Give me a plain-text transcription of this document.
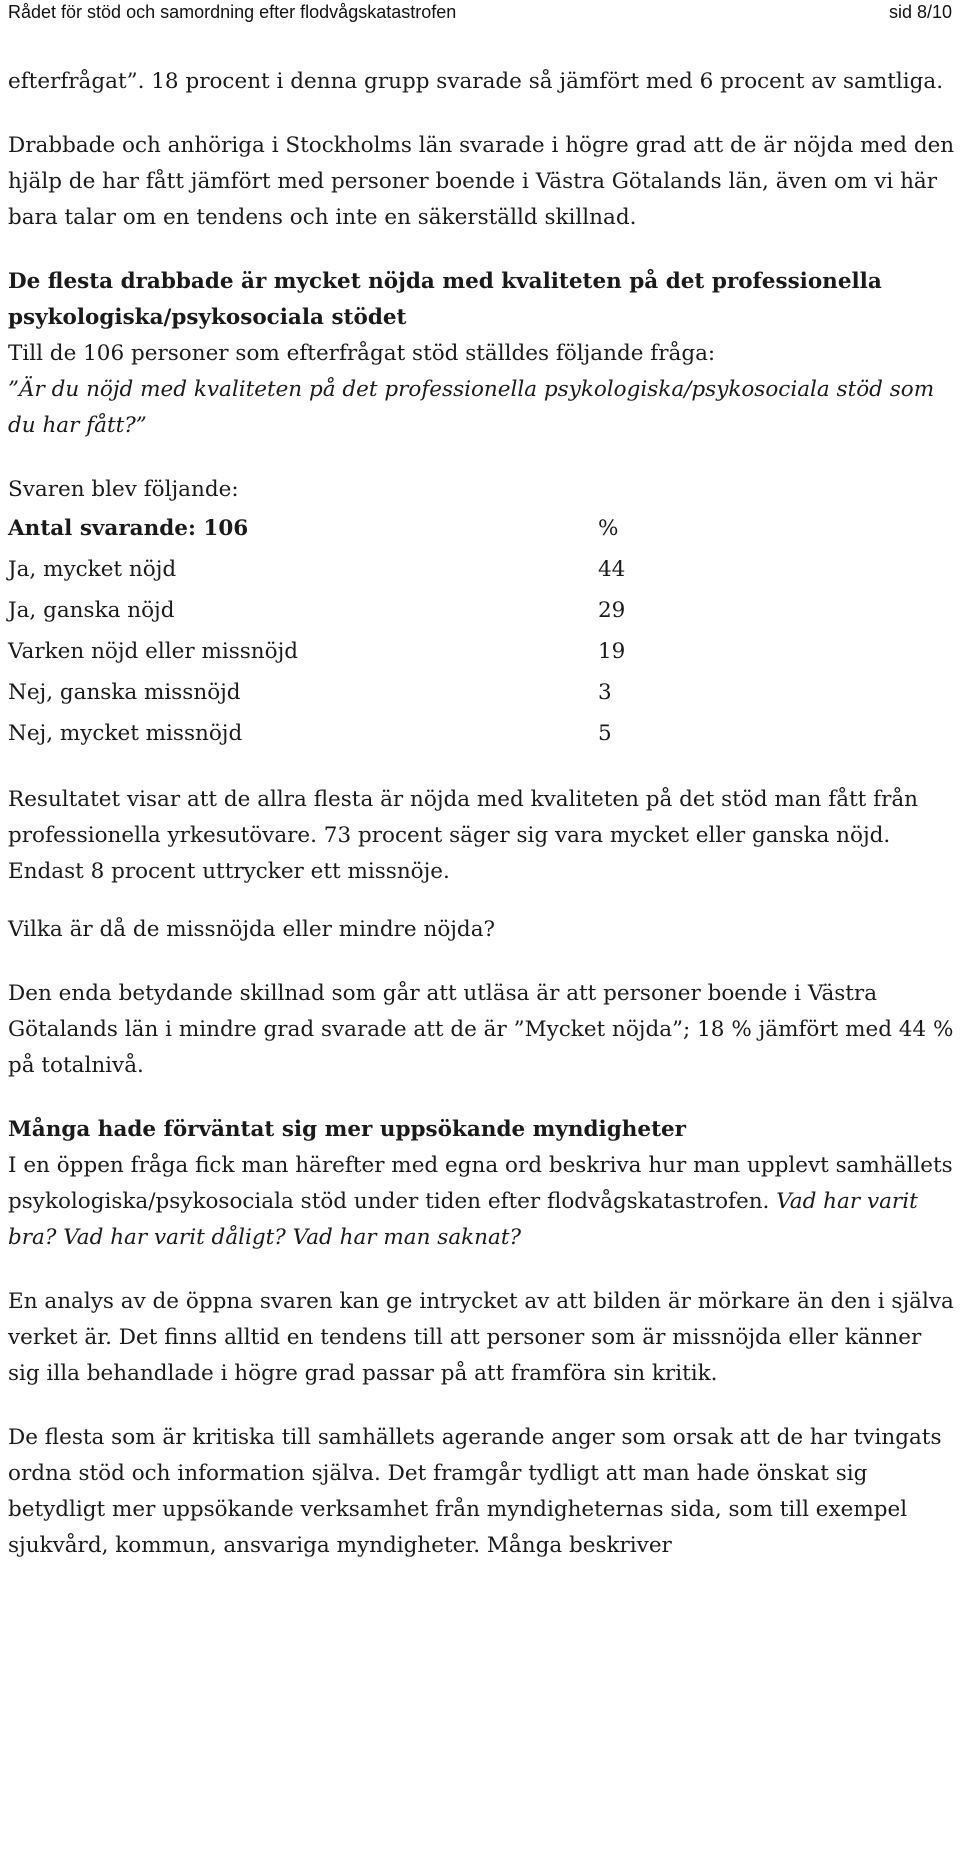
Rådet för stöd och samordning efter flodvågskatastrofen	sid 8/10

efterfrågat”. 18 procent i denna grupp svarade så jämfört med 6 procent av samtliga.

Drabbade och anhöriga i Stockholms län svarade i högre grad att de är nöjda med den hjälp de har fått jämfört med personer boende i Västra Götalands län, även om vi här bara talar om en tendens och inte en säkerställd skillnad.

De flesta drabbade är mycket nöjda med kvaliteten på det professionella psykologiska/psykosociala stödet

Till de 106 personer som efterfrågat stöd ställdes följande fråga:

”Är du nöjd med kvaliteten på det professionella psykologiska/psykosociala stöd som du har fått?”

Svaren blev följande:

Antal svarande: 106	%
Ja, mycket nöjd	44
Ja, ganska nöjd	29
Varken nöjd eller missnöjd	19
Nej, ganska missnöjd	3
Nej, mycket missnöjd	5

Resultatet visar att de allra flesta är nöjda med kvaliteten på det stöd man fått från professionella yrkesutövare. 73 procent säger sig vara mycket eller ganska nöjd. Endast 8 procent uttrycker ett missnöje.

Vilka är då de missnöjda eller mindre nöjda?

Den enda betydande skillnad som går att utläsa är att personer boende i Västra Götalands län i mindre grad svarade att de är ”Mycket nöjda”; 18 % jämfört med 44 % på totalnivå.

Många hade förväntat sig mer uppsökande myndigheter

I en öppen fråga fick man härefter med egna ord beskriva hur man upplevt samhällets psykologiska/psykosociala stöd under tiden efter flodvågskatastrofen. Vad har varit bra? Vad har varit dåligt? Vad har man saknat?

En analys av de öppna svaren kan ge intrycket av att bilden är mörkare än den i själva verket är. Det finns alltid en tendens till att personer som är missnöjda eller känner sig illa behandlade i högre grad passar på att framföra sin kritik.

De flesta som är kritiska till samhällets agerande anger som orsak att de har tvingats ordna stöd och information själva. Det framgår tydligt att man hade önskat sig betydligt mer uppsökande verksamhet från myndigheternas sida, som till exempel sjukvård, kommun, ansvariga myndigheter. Många beskriver
